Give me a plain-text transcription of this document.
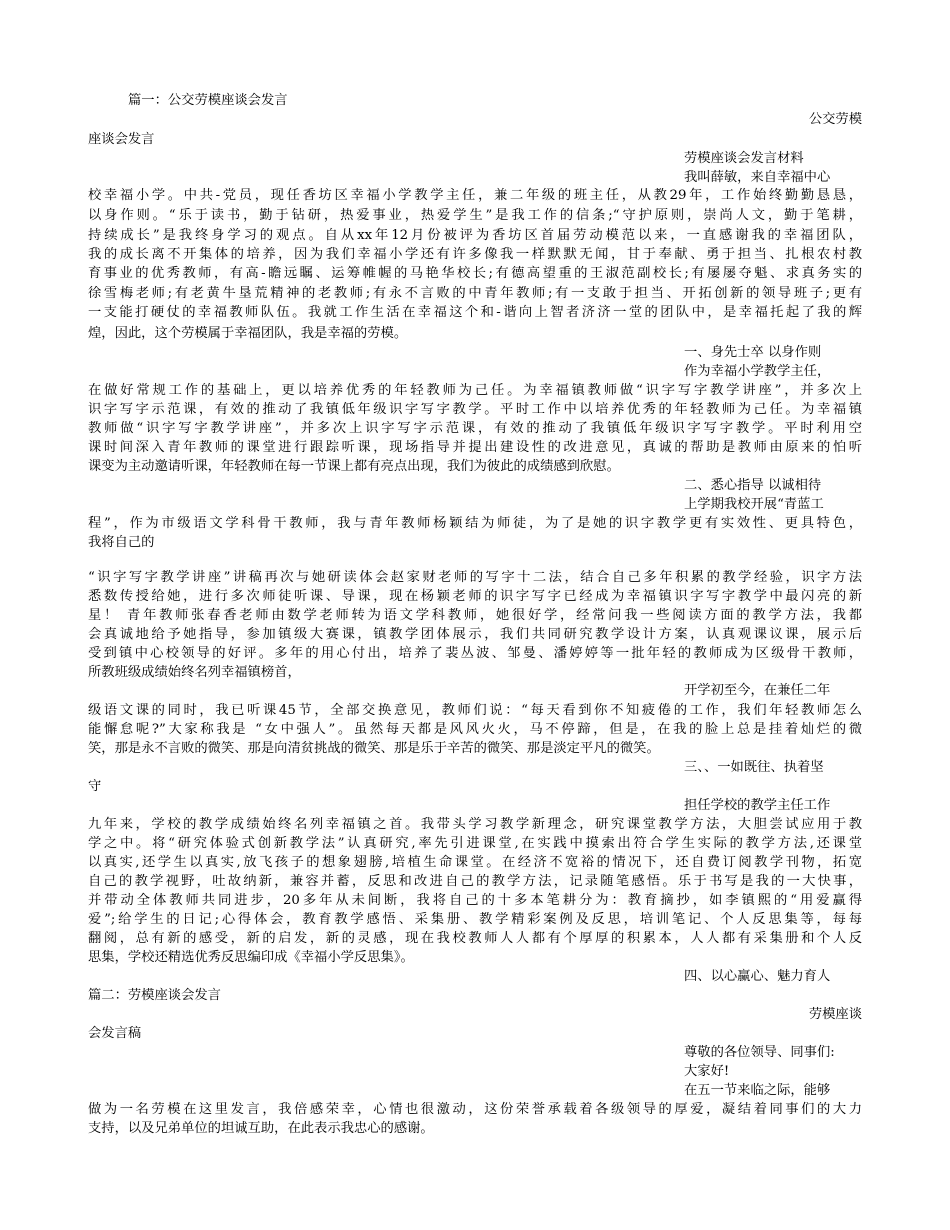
篇一：公交劳模座谈会发言
公交劳模
座谈会发言
劳模座谈会发言材料
我叫薛敏，来自幸福中心
校幸福小学。中共-党员，现任香坊区幸福小学教学主任，兼二年级的班主任，从教29年，工作始终勤勤恳恳，
以身作则。“乐于读书，勤于钻研，热爱事业，热爱学生”是我工作的信条;“守护原则，崇尚人文，勤于笔耕，
持续成长”是我终身学习的观点。自从xx年12月份被评为香坊区首届劳动模范以来，一直感谢我的幸福团队，
我的成长离不开集体的培养，因为我们幸福小学还有许多像我一样默默无闻，甘于奉献、勇于担当、扎根农村教
育事业的优秀教师，有高-瞻远瞩、运筹帷幄的马艳华校长;有德高望重的王淑范副校长;有屡屡夺魁、求真务实的
徐雪梅老师;有老黄牛垦荒精神的老教师;有永不言败的中青年教师;有一支敢于担当、开拓创新的领导班子;更有
一支能打硬仗的幸福教师队伍。我就工作生活在幸福这个和-谐向上智者济济一堂的团队中，是幸福托起了我的辉
煌，因此，这个劳模属于幸福团队，我是幸福的劳模。
一、身先士卒 以身作则
作为幸福小学教学主任，
在做好常规工作的基础上，更以培养优秀的年轻教师为己任。为幸福镇教师做“识字写字教学讲座”，并多次上
识字写字示范课，有效的推动了我镇低年级识字写字教学。平时工作中以培养优秀的年轻教师为己任。为幸福镇
教师做“识字写字教学讲座”，并多次上识字写字示范课，有效的推动了我镇低年级识字写字教学。平时利用空
课时间深入青年教师的课堂进行跟踪听课，现场指导并提出建设性的改进意见，真诚的帮助是教师由原来的怕听
课变为主动邀请听课，年轻教师在每一节课上都有亮点出现，我们为彼此的成绩感到欣慰。
二、悉心指导 以诚相待
上学期我校开展“青蓝工
程”，作为市级语文学科骨干教师，我与青年教师杨颖结为师徒，为了是她的识字教学更有实效性、更具特色，
我将自己的
“识字写字教学讲座”讲稿再次与她研读体会赵家财老师的写字十二法，结合自己多年积累的教学经验，识字方法
悉数传授给她，进行多次师徒听课、导课，现在杨颖老师的识字写字已经成为幸福镇识字写字教学中最闪亮的新
星！ 青年教师张春香老师由数学老师转为语文学科教师，她很好学，经常问我一些阅读方面的教学方法，我都
会真诚地给予她指导，参加镇级大赛课，镇教学团体展示，我们共同研究教学设计方案，认真观课议课，展示后
受到镇中心校领导的好评。多年的用心付出，培养了裴丛波、邹曼、潘婷婷等一批年轻的教师成为区级骨干教师，
所教班级成绩始终名列幸福镇榜首，
开学初至今，在兼任二年
级语文课的同时，我已听课45节，全部交换意见，教师们说：“每天看到你不知疲倦的工作，我们年轻教师怎么
能懈怠呢?”大家称我是 “女中强人”。虽然每天都是风风火火，马不停蹄，但是，在我的脸上总是挂着灿烂的微
笑，那是永不言败的微笑、那是向清贫挑战的微笑、那是乐于辛苦的微笑、那是淡定平凡的微笑。
三、、一如既往、执着坚
守
担任学校的教学主任工作
九年来，学校的教学成绩始终名列幸福镇之首。我带头学习教学新理念，研究课堂教学方法，大胆尝试应用于教
学之中。将“研究体验式创新教学法”认真研究,率先引进课堂,在实践中摸索出符合学生实际的教学方法,还课堂
以真实,还学生以真实,放飞孩子的想象翅膀,培植生命课堂。在经济不宽裕的情况下，还自费订阅教学刊物，拓宽
自己的教学视野，吐故纳新，兼容并蓄，反思和改进自己的教学方法，记录随笔感悟。乐于书写是我的一大快事，
并带动全体教师共同进步，20多年从未间断，我将自己的十多本笔耕分为：教育摘抄，如李镇熙的“用爱赢得
爱”;给学生的日记;心得体会，教育教学感悟、采集册、教学精彩案例及反思，培训笔记、个人反思集等，每每
翻阅，总有新的感受，新的启发，新的灵感，现在我校教师人人都有个厚厚的积累本，人人都有采集册和个人反
思集，学校还精选优秀反思编印成《幸福小学反思集》。
四、以心赢心、魅力育人
篇二：劳模座谈会发言
劳模座谈
会发言稿
尊敬的各位领导、同事们:
大家好!
在五一节来临之际，能够
做为一名劳模在这里发言，我倍感荣幸，心情也很激动，这份荣誉承载着各级领导的厚爱，凝结着同事们的大力
支持，以及兄弟单位的坦诚互助，在此表示我忠心的感谢。
